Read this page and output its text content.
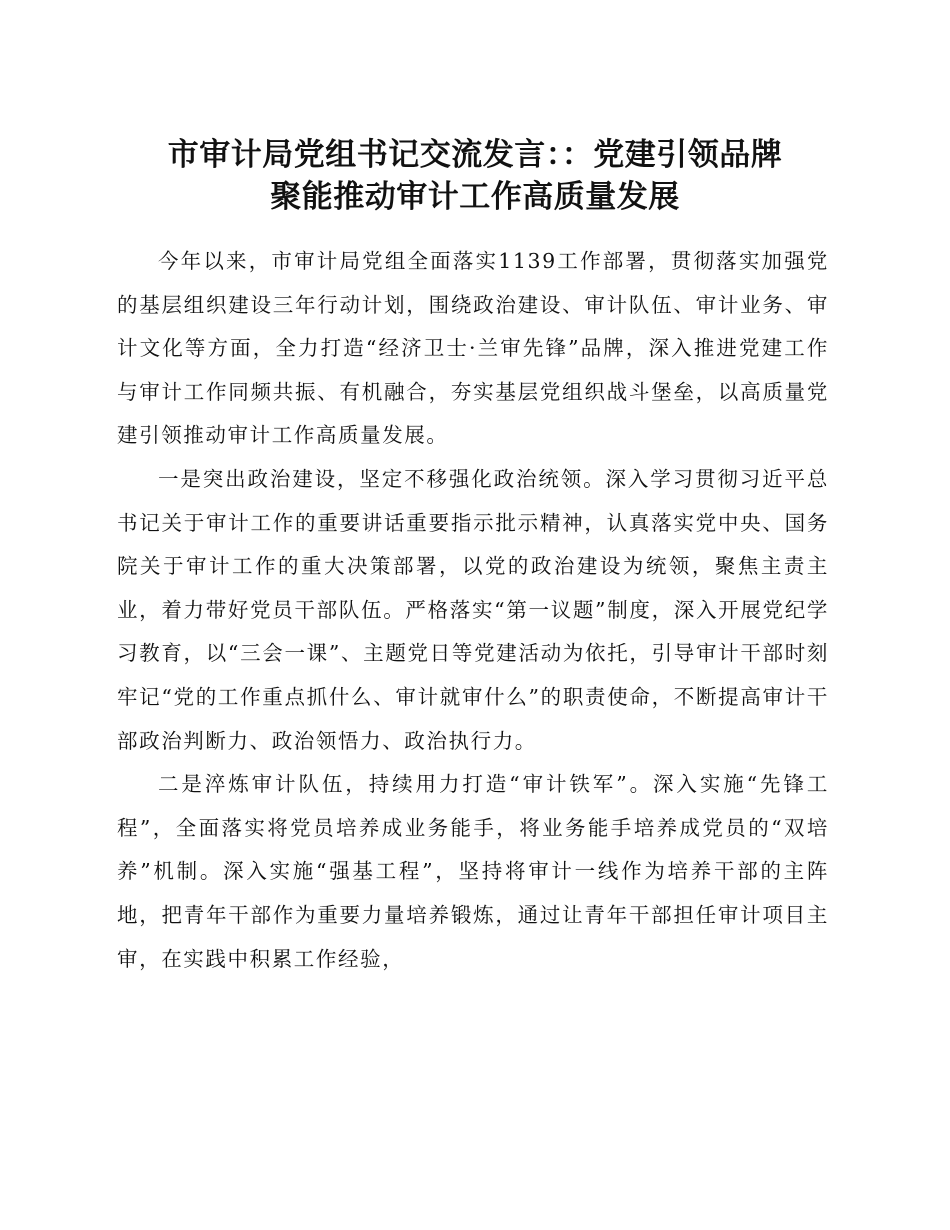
市审计局党组书记交流发言：：党建引领品牌
聚能推动审计工作高质量发展

今年以来，市审计局党组全面落实1139工作部署，贯彻落实加强党的基层组织建设三年行动计划，围绕政治建设、审计队伍、审计业务、审计文化等方面，全力打造“经济卫士·兰审先锋”品牌，深入推进党建工作与审计工作同频共振、有机融合，夯实基层党组织战斗堡垒，以高质量党建引领推动审计工作高质量发展。

一是突出政治建设，坚定不移强化政治统领。深入学习贯彻习近平总书记关于审计工作的重要讲话重要指示批示精神，认真落实党中央、国务院关于审计工作的重大决策部署，以党的政治建设为统领，聚焦主责主业，着力带好党员干部队伍。严格落实“第一议题”制度，深入开展党纪学习教育，以“三会一课”、主题党日等党建活动为依托，引导审计干部时刻牢记“党的工作重点抓什么、审计就审什么”的职责使命，不断提高审计干部政治判断力、政治领悟力、政治执行力。

二是淬炼审计队伍，持续用力打造“审计铁军”。深入实施“先锋工程”，全面落实将党员培养成业务能手，将业务能手培养成党员的“双培养”机制。深入实施“强基工程”，坚持将审计一线作为培养干部的主阵地，把青年干部作为重要力量培养锻炼，通过让青年干部担任审计项目主审，在实践中积累工作经验，
